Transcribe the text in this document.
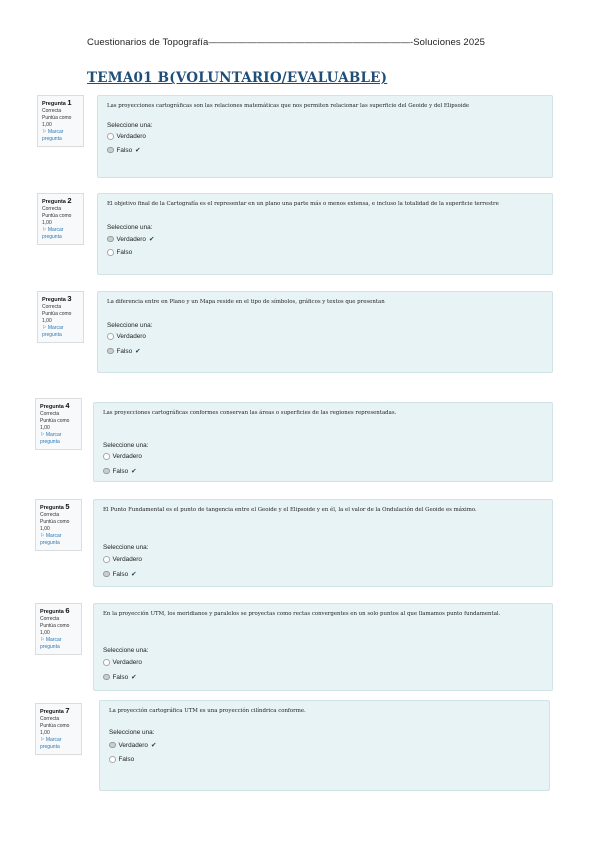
Cuestionarios de Topografía—————————————————————-Soluciones 2025
TEMA01 B(VOLUNTARIO/EVALUABLE)
Pregunta 1
Correcta
Puntúa como
1,00
⚐ Marcar
pregunta
Las proyecciones cartográficas son las relaciones matemáticas que nos permiten relacionar las superficie del Geoide y del Elipsoide
Seleccione una:
Verdadero
Falso ✔
Pregunta 2
Correcta
Puntúa como
1,00
⚐ Marcar
pregunta
El objetivo final de la Cartografía es el representar en un plano una parte más o menos extensa, e incluso la totalidad de la superficie terrestre
Seleccione una:
Verdadero ✔
Falso
Pregunta 3
Correcta
Puntúa como
1,00
⚐ Marcar
pregunta
La diferencia entre en Plano y un Mapa reside en el tipo de símbolos, gráficos y textos que presentan
Seleccione una:
Verdadero
Falso ✔
Pregunta 4
Correcta
Puntúa como
1,00
⚐ Marcar
pregunta
Las proyecciones cartográficas conformes conservan las áreas o superficies de las regiones representadas.
Seleccione una:
Verdadero
Falso ✔
Pregunta 5
Correcta
Puntúa como
1,00
⚐ Marcar
pregunta
El Punto Fundamental es el punto de tangencia entre el Geoide y el Elipsoide y en él, la el valor de la Ondulación del Geoide es máximo.
Seleccione una:
Verdadero
Falso ✔
Pregunta 6
Correcta
Puntúa como
1,00
⚐ Marcar
pregunta
En la proyección UTM, los meridianos y paralelos se proyectas como rectas convergentes en un solo puntos al que llamamos punto fundamental.
Seleccione una:
Verdadero
Falso ✔
Pregunta 7
Correcta
Puntúa como
1,00
⚐ Marcar
pregunta
La proyección cartográfica UTM es una proyección cilíndrica conforme.
Seleccione una:
Verdadero ✔
Falso
